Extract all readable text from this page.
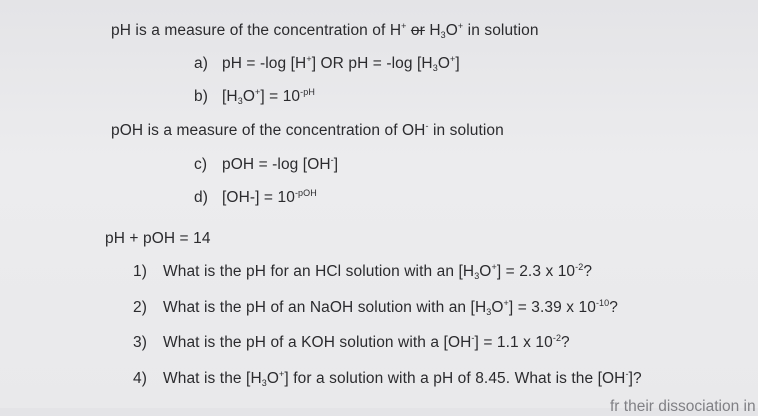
pH is a measure of the concentration of H+ or $H_3O^+$ in solution
a) pH = -log [H+] OR pH = -log $[H_3O^+]$
b) $[H_3O^+] = 10^{-pH}$
pOH is a measure of the concentration of OH- in solution
c) pOH = -log [OH-]
d) $[OH-] = 10^{-pOH}$
pH + pOH = 14
1) What is the pH for an HCl solution with an $[H_3O^+] = 2.3$ x $10^{-2}$?
2) What is the pH of an NaOH solution with an $[H_3O^+] = 3.39$ x $10^{-10}$?
3) What is the pH of a KOH solution with a [OH-] = 1.1 x $10^{-2}$?
4) What is the $[H_3O^+]$ for a solution with a pH of 8.45. What is the [OH-]?
fr their dissociation in
